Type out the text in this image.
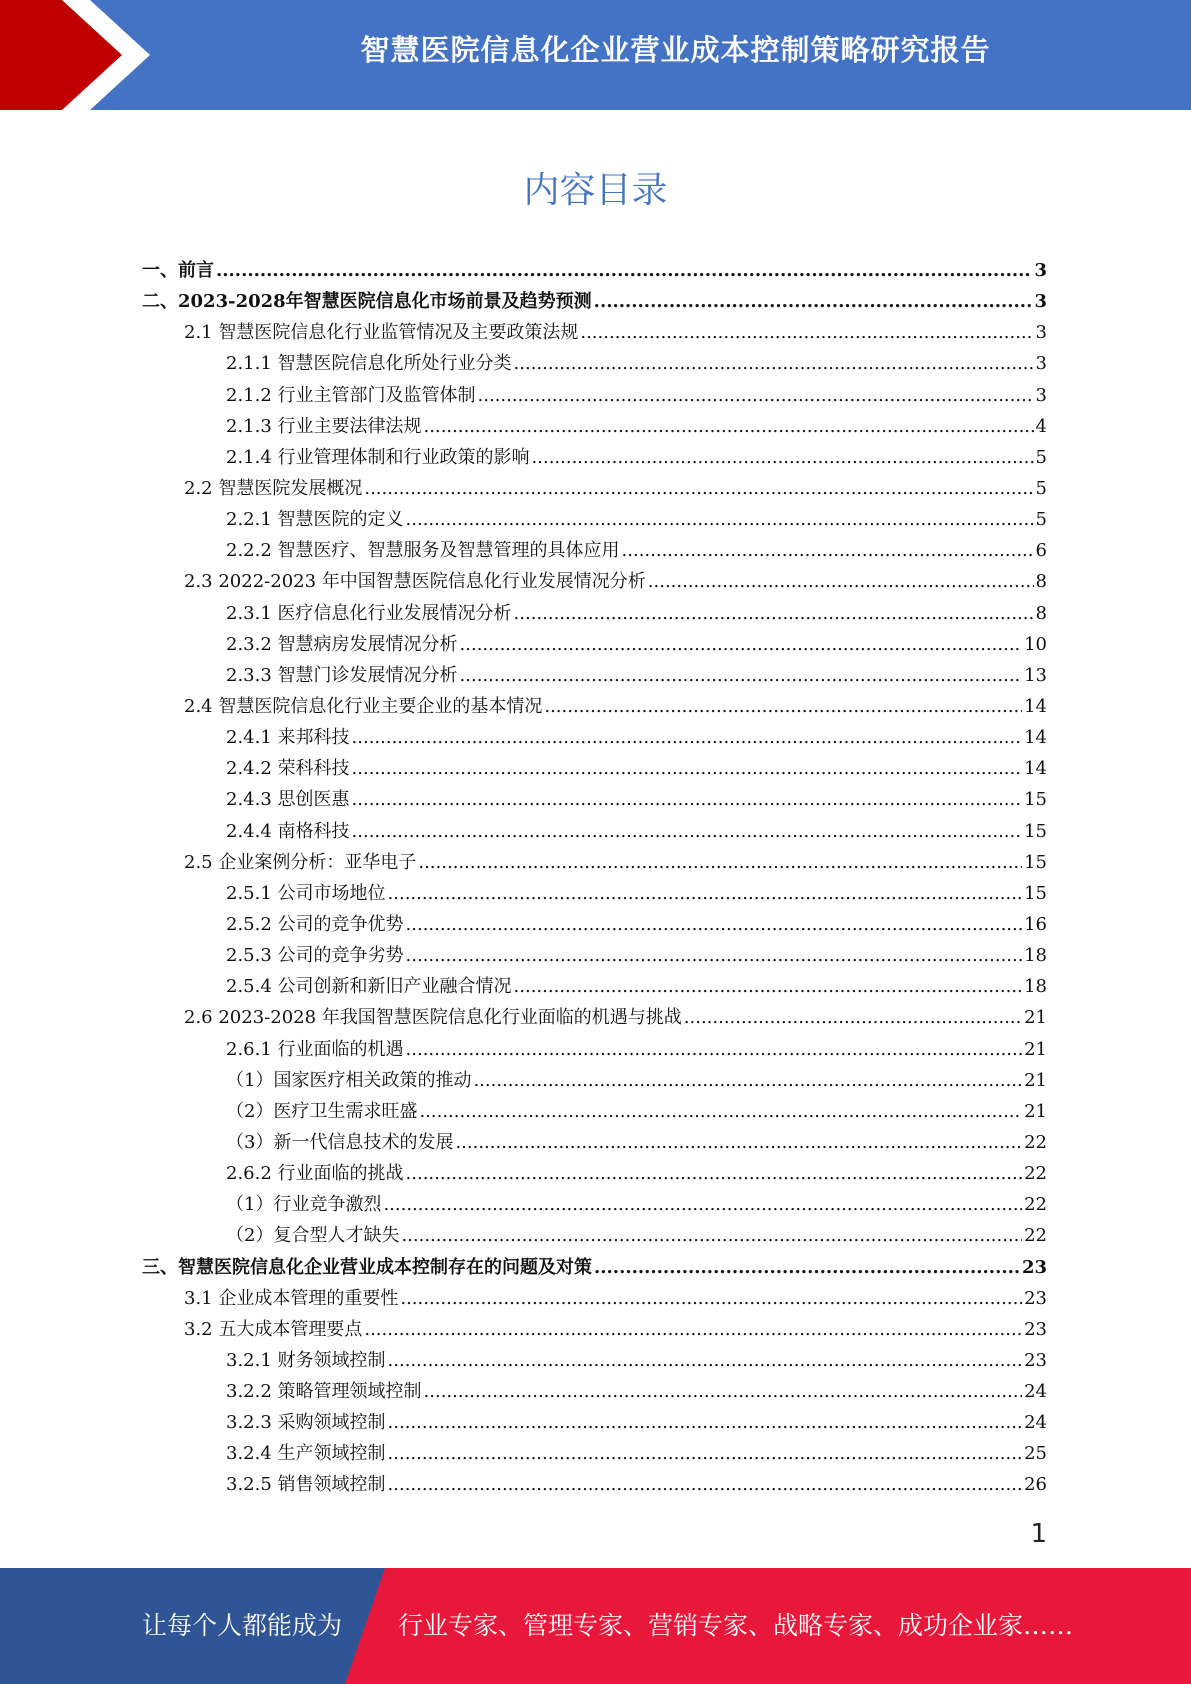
智慧医院信息化企业营业成本控制策略研究报告
内容目录
一、前言 .....	3
二、2023-2028年智慧医院信息化市场前景及趋势预测 .....	3
2.1 智慧医院信息化行业监管情况及主要政策法规 .....	3
2.1.1 智慧医院信息化所处行业分类 .....	3
2.1.2 行业主管部门及监管体制 .....	3
2.1.3 行业主要法律法规 .....	4
2.1.4 行业管理体制和行业政策的影响 .....	5
2.2 智慧医院发展概况 .....	5
2.2.1 智慧医院的定义 .....	5
2.2.2 智慧医疗、智慧服务及智慧管理的具体应用 .....	6
2.3 2022-2023 年中国智慧医院信息化行业发展情况分析 .....	8
2.3.1 医疗信息化行业发展情况分析 .....	8
2.3.2 智慧病房发展情况分析 .....	10
2.3.3 智慧门诊发展情况分析 .....	13
2.4 智慧医院信息化行业主要企业的基本情况 .....	14
2.4.1 来邦科技 .....	14
2.4.2 荣科科技 .....	14
2.4.3 思创医惠 .....	15
2.4.4 南格科技 .....	15
2.5 企业案例分析：亚华电子 .....	15
2.5.1 公司市场地位 .....	15
2.5.2 公司的竞争优势 .....	16
2.5.3 公司的竞争劣势 .....	18
2.5.4 公司创新和新旧产业融合情况 .....	18
2.6 2023-2028 年我国智慧医院信息化行业面临的机遇与挑战 .....	21
2.6.1 行业面临的机遇 .....	21
（1）国家医疗相关政策的推动 .....	21
（2）医疗卫生需求旺盛 .....	21
（3）新一代信息技术的发展 .....	22
2.6.2 行业面临的挑战 .....	22
（1）行业竞争激烈 .....	22
（2）复合型人才缺失 .....	22
三、智慧医院信息化企业营业成本控制存在的问题及对策 .....	23
3.1 企业成本管理的重要性 .....	23
3.2 五大成本管理要点 .....	23
3.2.1 财务领域控制 .....	23
3.2.2 策略管理领域控制 .....	24
3.2.3 采购领域控制 .....	24
3.2.4 生产领域控制 .....	25
3.2.5 销售领域控制 .....	26
1
让每个人都能成为 行业专家、管理专家、营销专家、战略专家、成功企业家……
